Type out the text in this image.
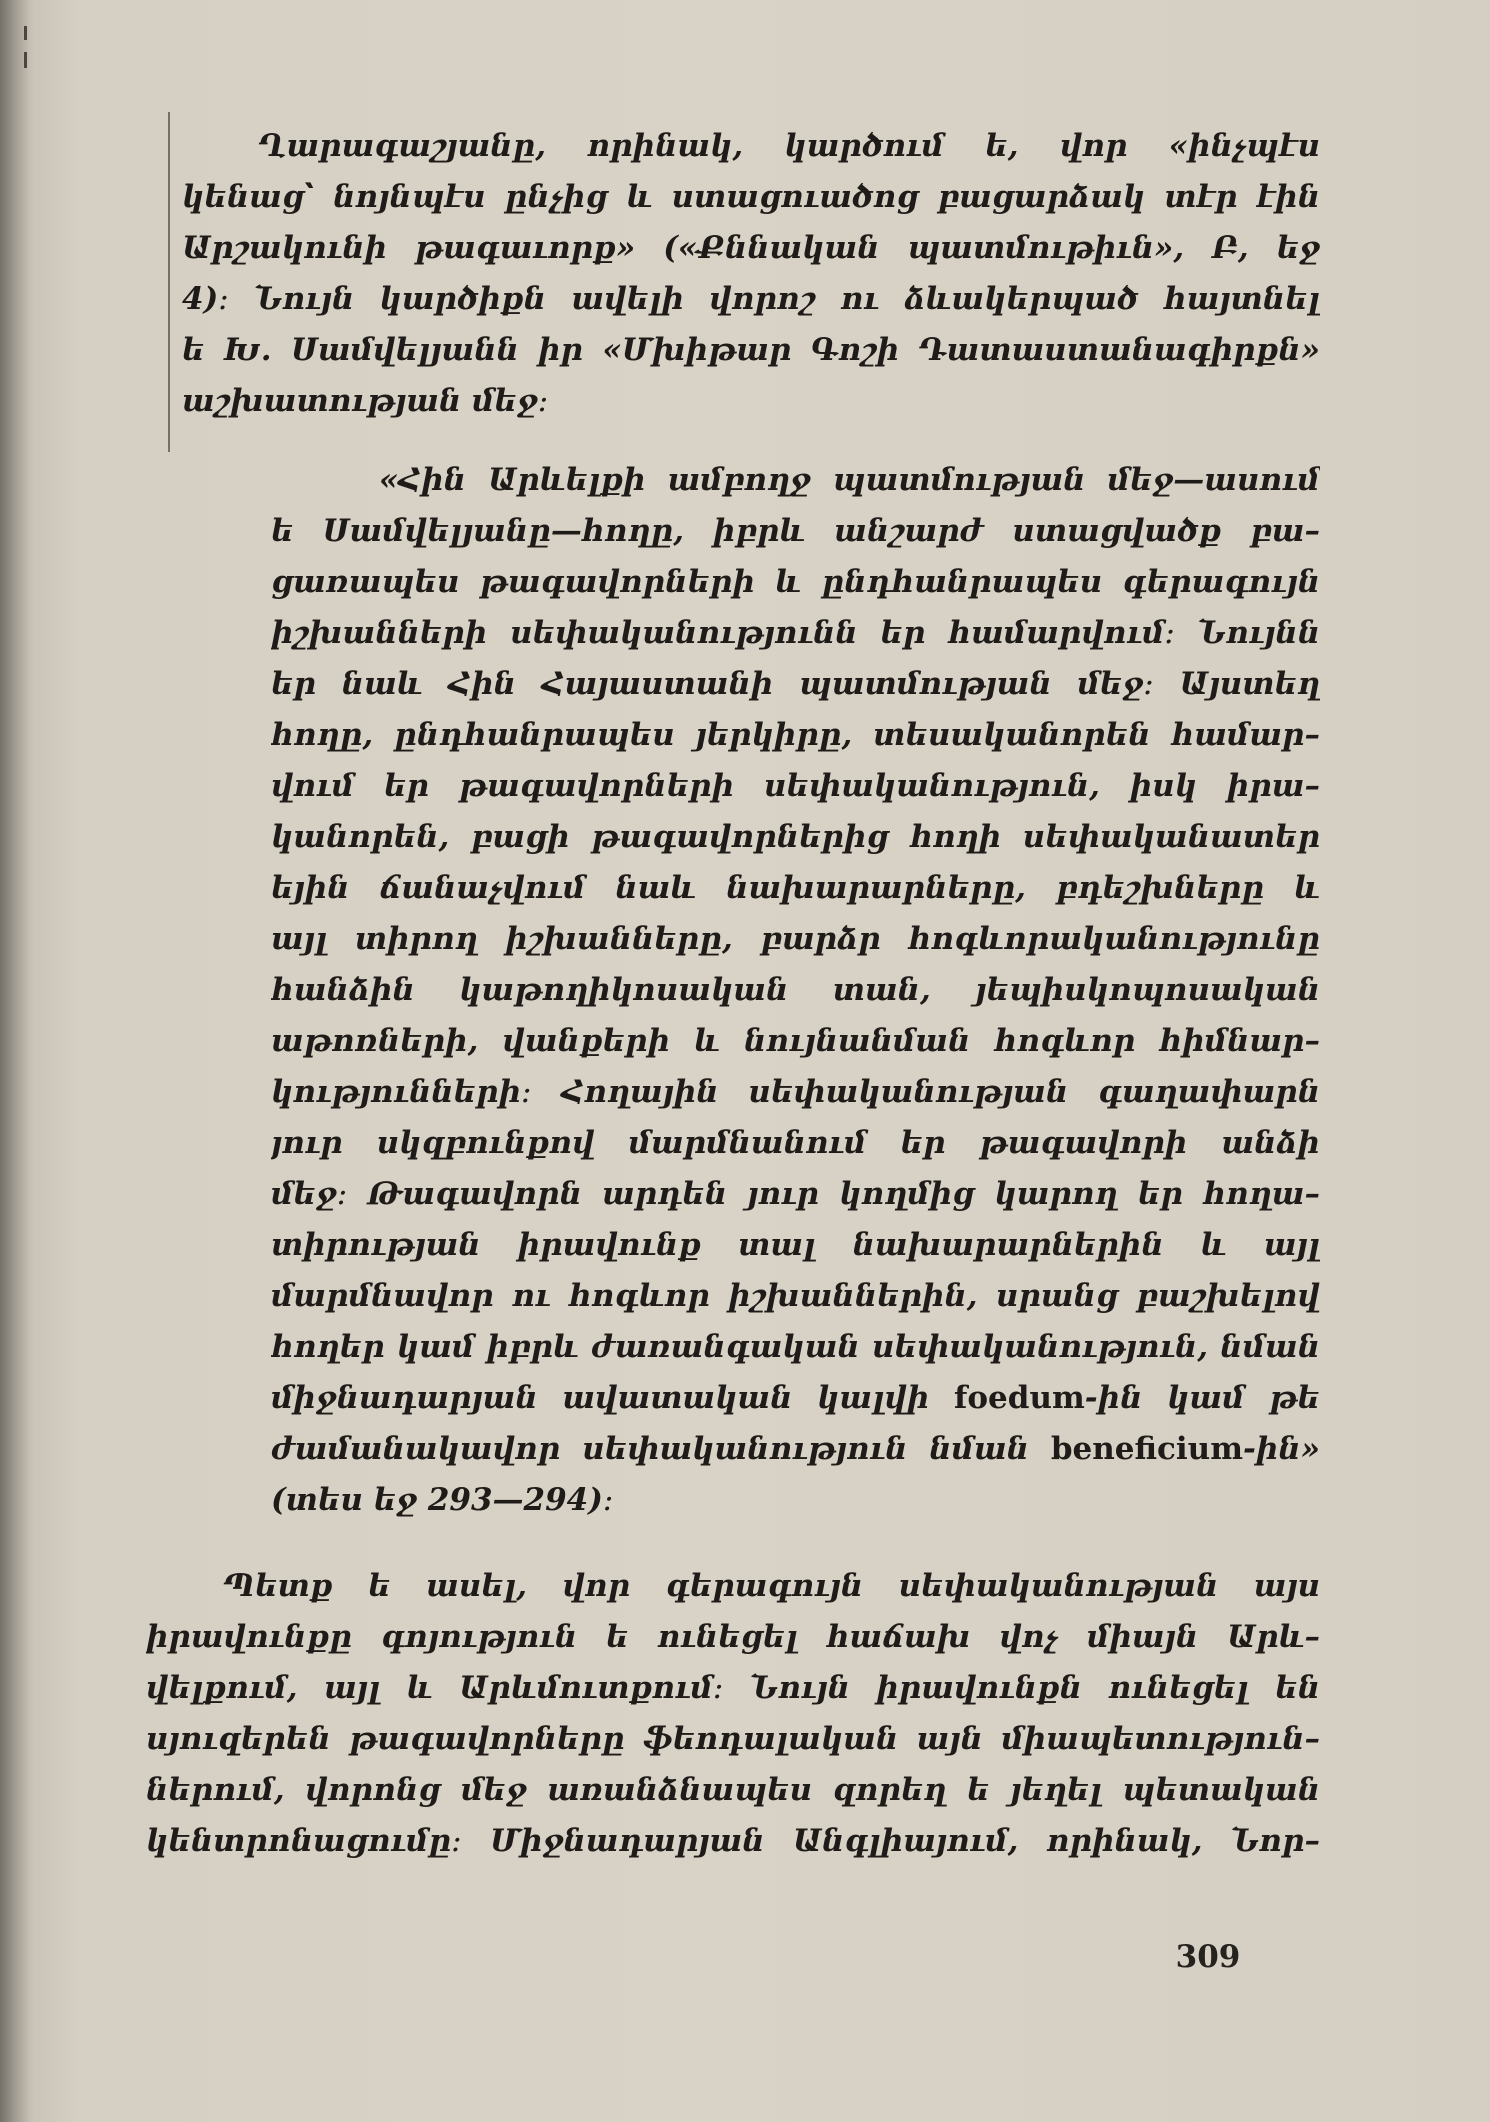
Ղարագաշյանը, որինակ, կարծում ե, վոր «ինչպէս
կենաց՝ նոյնպէս ընչից և ստացուածոց բացարձակ տէր էին
Արշակունի թագաւորք» («Քննական պատմութիւն», Բ, եջ
4)։ Նույն կարծիքն ավելի վորոշ ու ձևակերպած հայտնել
ե Խ. Սամվելյանն իր «Մխիթար Գոշի Դատաստանագիրքն»
աշխատության մեջ։
«Հին Արևելքի ամբողջ պատմության մեջ—ասում
ե Սամվելյանը—հողը, իբրև անշարժ ստացվածք բա–
ցառապես թագավորների և ընդհանրապես գերագույն
իշխանների սեփականությունն եր համարվում։ Նույնն
եր նաև Հին Հայաստանի պատմության մեջ։ Այստեղ
հողը, ընդհանրապես յերկիրը, տեսականորեն համար–
վում եր թագավորների սեփականություն, իսկ իրա–
կանորեն, բացի թագավորներից հողի սեփականատեր
եյին ճանաչվում նաև նախարարները, բդեշխները և
այլ տիրող իշխանները, բարձր հոգևորականությունը
հանձին կաթողիկոսական տան, յեպիսկոպոսական
աթոռների, վանքերի և նույնանման հոգևոր հիմնար–
կությունների։ Հողային սեփականության գաղափարն
յուր սկզբունքով մարմնանում եր թագավորի անձի
մեջ։ Թագավորն արդեն յուր կողմից կարող եր հողա–
տիրության իրավունք տալ նախարարներին և այլ
մարմնավոր ու հոգևոր իշխաններին, սրանց բաշխելով
հողեր կամ իբրև ժառանգական սեփականություն, նման
միջնադարյան ավատական կալվի foedum-ին կամ թե
ժամանակավոր սեփականություն նման beneficium-ին»
(տես եջ 293—294)։
Պետք ե ասել, վոր գերագույն սեփականության այս
իրավունքը գոյություն ե ունեցել հաճախ վոչ միայն Արև–
վելքում, այլ և Արևմուտքում։ Նույն իրավունքն ունեցել են
սյուզերեն թագավորները ֆեոդալական այն միապետություն–
ներում, վորոնց մեջ առանձնապես զորեղ ե յեղել պետական
կենտրոնացումը։ Միջնադարյան Անգլիայում, որինակ, Նոր–
309
